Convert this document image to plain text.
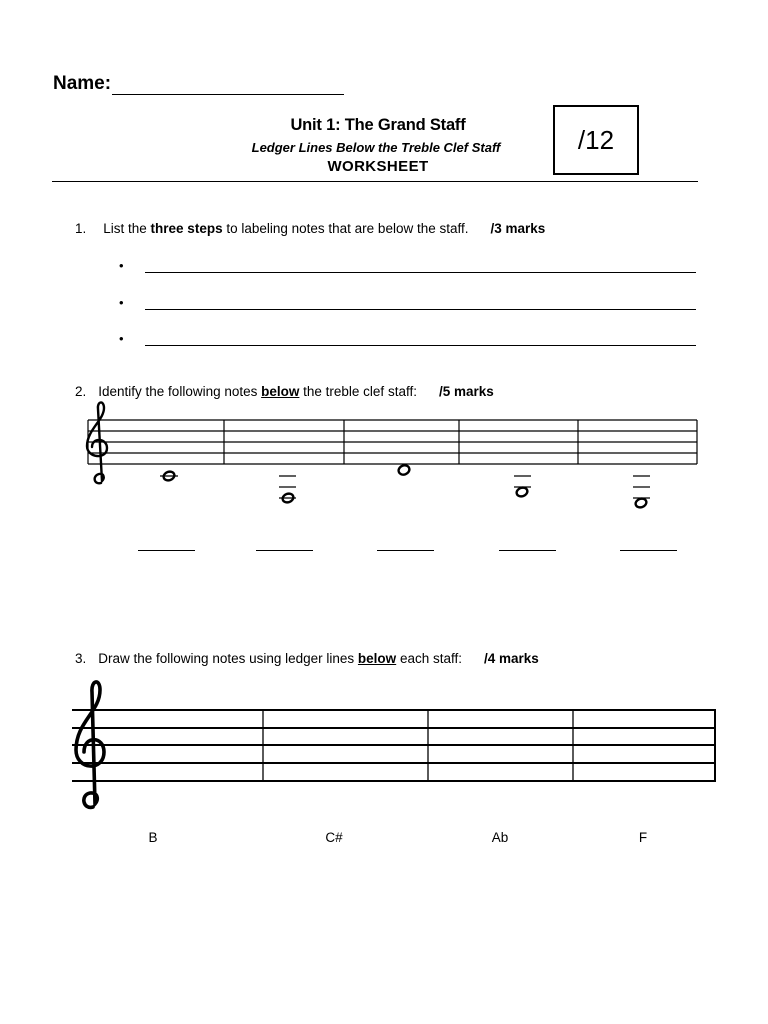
Name:
Unit 1: The Grand Staff
Ledger Lines Below the Treble Clef Staff
WORKSHEET
/12
1. List the three steps to labeling notes that are below the staff. /3 marks
•
•
•
2. Identify the following notes below the treble clef staff: /5 marks
3. Draw the following notes using ledger lines below each staff: /4 marks
B	C#	Ab	F
